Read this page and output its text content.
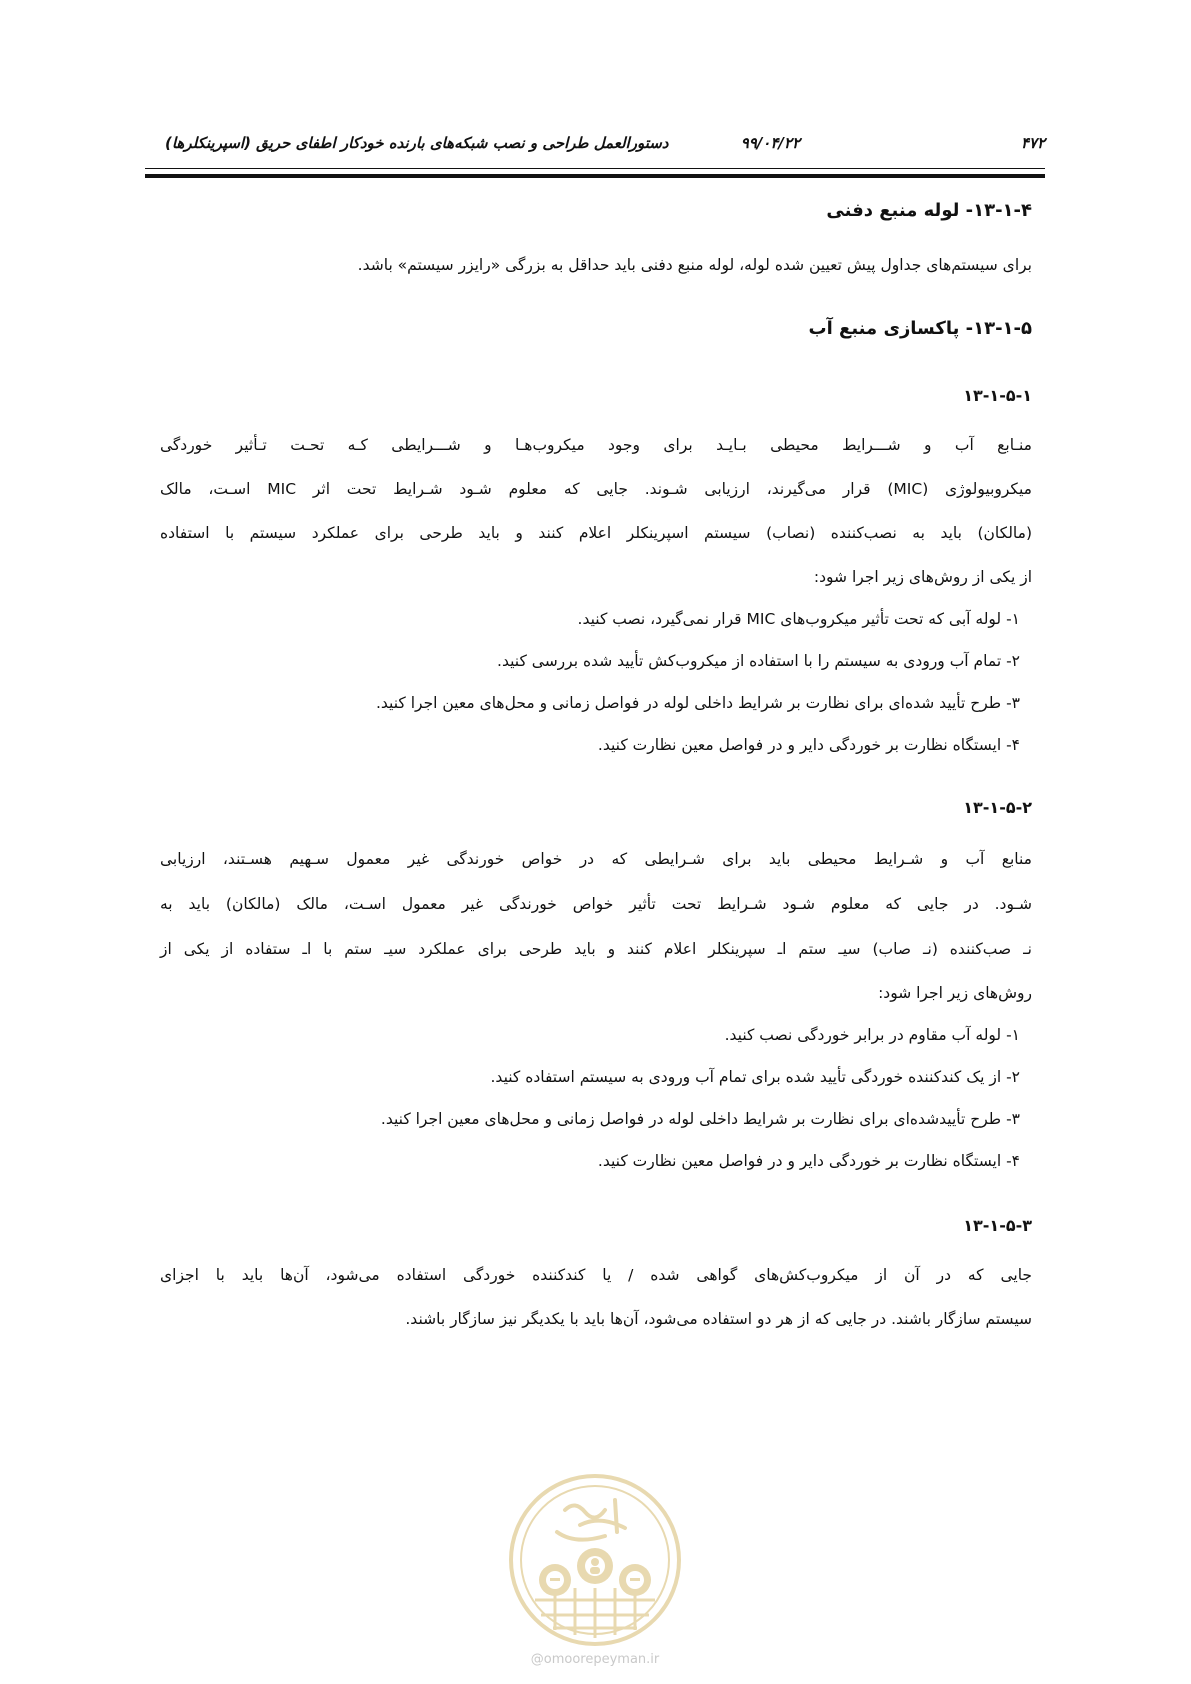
۴۷۲
۹۹/۰۴/۲۲
دستورالعمل طراحی و نصب شبکه‌های بارنده خودکار اطفای حریق (اسپرینکلرها)
۱۳-۱-۴- لوله منبع دفنی
برای سیستم‌های جداول پیش تعیین شده لوله، لوله منبع دفنی باید حداقل به بزرگی «رایزر سیستم» باشد.
۱۳-۱-۵- پاکسازی منبع آب
۱۳-۱-۵-۱
منـابع آب و شـــرایط محیطی بـایـد برای وجود میکروب‌هـا و شـــرایطی کـه تحـت تـأثیر خوردگی
میکروبیولوژی (MIC) قرار می‌گیرند، ارزیابی شـوند. جایی که معلوم شـود شـرایط تحت اثر MIC اسـت، مالک
(مالکان) باید به نصب‌کننده (نصاب) سیستم اسپرینکلر اعلام کنند و باید طرحی برای عملکرد سیستم با استفاده
از یکی از روش‌های زیر اجرا شود:
۱- لوله آبی که تحت تأثیر میکروب‌های MIC قرار نمی‌گیرد، نصب کنید.
۲- تمام آب ورودی به سیستم را با استفاده از میکروب‌کش تأیید شده بررسی کنید.
۳- طرح تأیید شده‌ای برای نظارت بر شرایط داخلی لوله در فواصل زمانی و محل‌های معین اجرا کنید.
۴- ایستگاه نظارت بر خوردگی دایر و در فواصل معین نظارت کنید.
۱۳-۱-۵-۲
منابع آب و شـرایط محیطی باید برای شـرایطی که در خواص خورندگی غیر معمول سـهیم هسـتند، ارزیابی
شـود. در جایی که معلوم شـود شـرایط تحت تأثیر خواص خورندگی غیر معمول اسـت، مالک (مالکان) باید به
نـ صب‌کننده (نـ صاب) سیـ ستم اـ سپرینکلر اعلام کنند و باید طرحی برای عملکرد سیـ ستم با اـ ستفاده از یکی از
روش‌های زیر اجرا شود:
۱- لوله آب مقاوم در برابر خوردگی نصب کنید.
۲- از یک کندکننده خوردگی تأیید شده برای تمام آب ورودی به سیستم استفاده کنید.
۳- طرح تأییدشده‌ای برای نظارت بر شرایط داخلی لوله در فواصل زمانی و محل‌های معین اجرا کنید.
۴- ایستگاه نظارت بر خوردگی دایر و در فواصل معین نظارت کنید.
۱۳-۱-۵-۳
جایی که در آن از میکروب‌کش‌های گواهی شده / یا کندکننده خوردگی استفاده می‌شود، آن‌ها باید با اجزای
سیستم سازگار باشند. در جایی که از هر دو استفاده می‌شود، آن‌ها باید با یکدیگر نیز سازگار باشند.
امور پیمان
@omoorepeyman.ir
